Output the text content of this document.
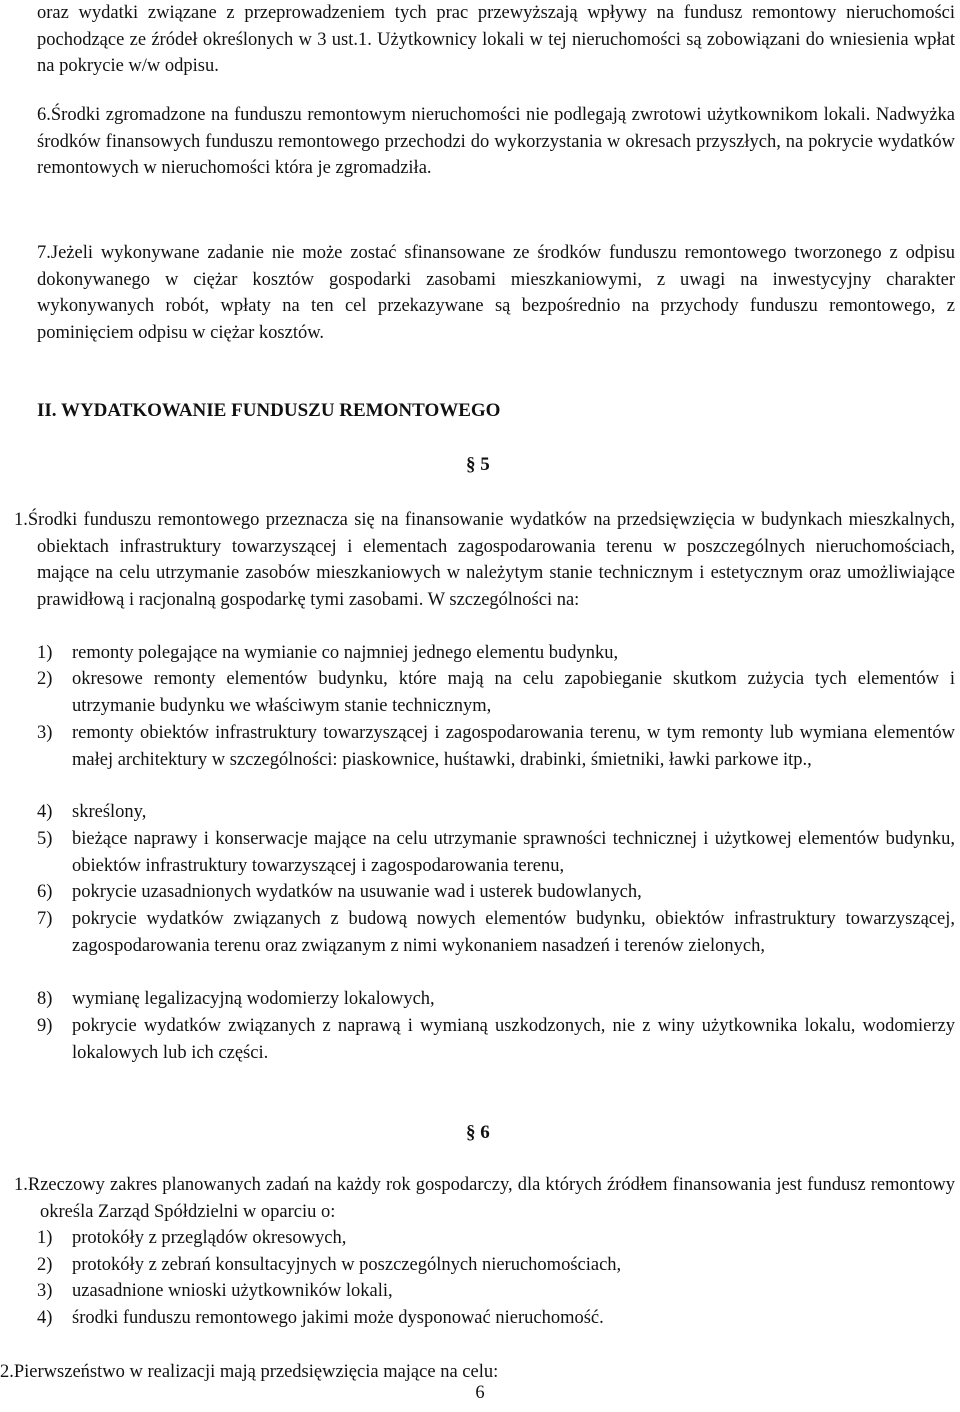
oraz wydatki związane z przeprowadzeniem tych prac przewyższają wpływy na fundusz remontowy nieruchomości pochodzące ze źródeł określonych w 3 ust.1. Użytkownicy lokali w tej nieruchomości są zobowiązani do wniesienia wpłat na pokrycie w/w odpisu.
6.Środki zgromadzone na funduszu remontowym nieruchomości nie podlegają zwrotowi użytkownikom lokali. Nadwyżka środków finansowych funduszu remontowego przechodzi do wykorzystania w okresach przyszłych, na pokrycie wydatków remontowych w nieruchomości która je zgromadziła.
7.Jeżeli wykonywane zadanie nie może zostać sfinansowane ze środków funduszu remontowego tworzonego z odpisu dokonywanego w ciężar kosztów gospodarki zasobami mieszkaniowymi, z uwagi na inwestycyjny charakter wykonywanych robót, wpłaty na ten cel przekazywane są bezpośrednio na przychody funduszu remontowego, z pominięciem odpisu w ciężar kosztów.
II. WYDATKOWANIE FUNDUSZU REMONTOWEGO
§ 5
1.Środki funduszu remontowego przeznacza się na finansowanie wydatków na przedsięwzięcia w budynkach mieszkalnych, obiektach infrastruktury towarzyszącej i elementach zagospodarowania terenu w poszczególnych nieruchomościach, mające na celu utrzymanie zasobów mieszkaniowych w należytym stanie technicznym i estetycznym oraz umożliwiające prawidłową i racjonalną gospodarkę tymi zasobami. W szczególności na:
1) remonty polegające na wymianie co najmniej jednego elementu budynku,
2) okresowe remonty elementów budynku, które mają na celu zapobieganie skutkom zużycia tych elementów i utrzymanie budynku we właściwym stanie technicznym,
3) remonty obiektów infrastruktury towarzyszącej i zagospodarowania terenu, w tym remonty lub wymiana elementów małej architektury w szczególności: piaskownice, huśtawki, drabinki, śmietniki, ławki parkowe itp.,
4) skreślony,
5) bieżące naprawy i konserwacje mające na celu utrzymanie sprawności technicznej i użytkowej elementów budynku, obiektów infrastruktury towarzyszącej i zagospodarowania terenu,
6) pokrycie uzasadnionych wydatków na usuwanie wad i usterek budowlanych,
7) pokrycie wydatków związanych z budową nowych elementów budynku, obiektów infrastruktury towarzyszącej, zagospodarowania terenu oraz związanym z nimi wykonaniem nasadzeń i terenów zielonych,
8) wymianę legalizacyjną wodomierzy lokalowych,
9) pokrycie wydatków związanych z naprawą i wymianą uszkodzonych, nie z winy użytkownika lokalu, wodomierzy lokalowych lub ich części.
§ 6
1.Rzeczowy zakres planowanych zadań na każdy rok gospodarczy, dla których źródłem finansowania jest fundusz remontowy określa Zarząd Spółdzielni w oparciu o:
1) protokóły z przeglądów okresowych,
2) protokóły z zebrań konsultacyjnych w poszczególnych nieruchomościach,
3) uzasadnione wnioski użytkowników lokali,
4) środki funduszu remontowego jakimi może dysponować nieruchomość.
2.Pierwszeństwo w realizacji mają przedsięwzięcia mające na celu:
6
